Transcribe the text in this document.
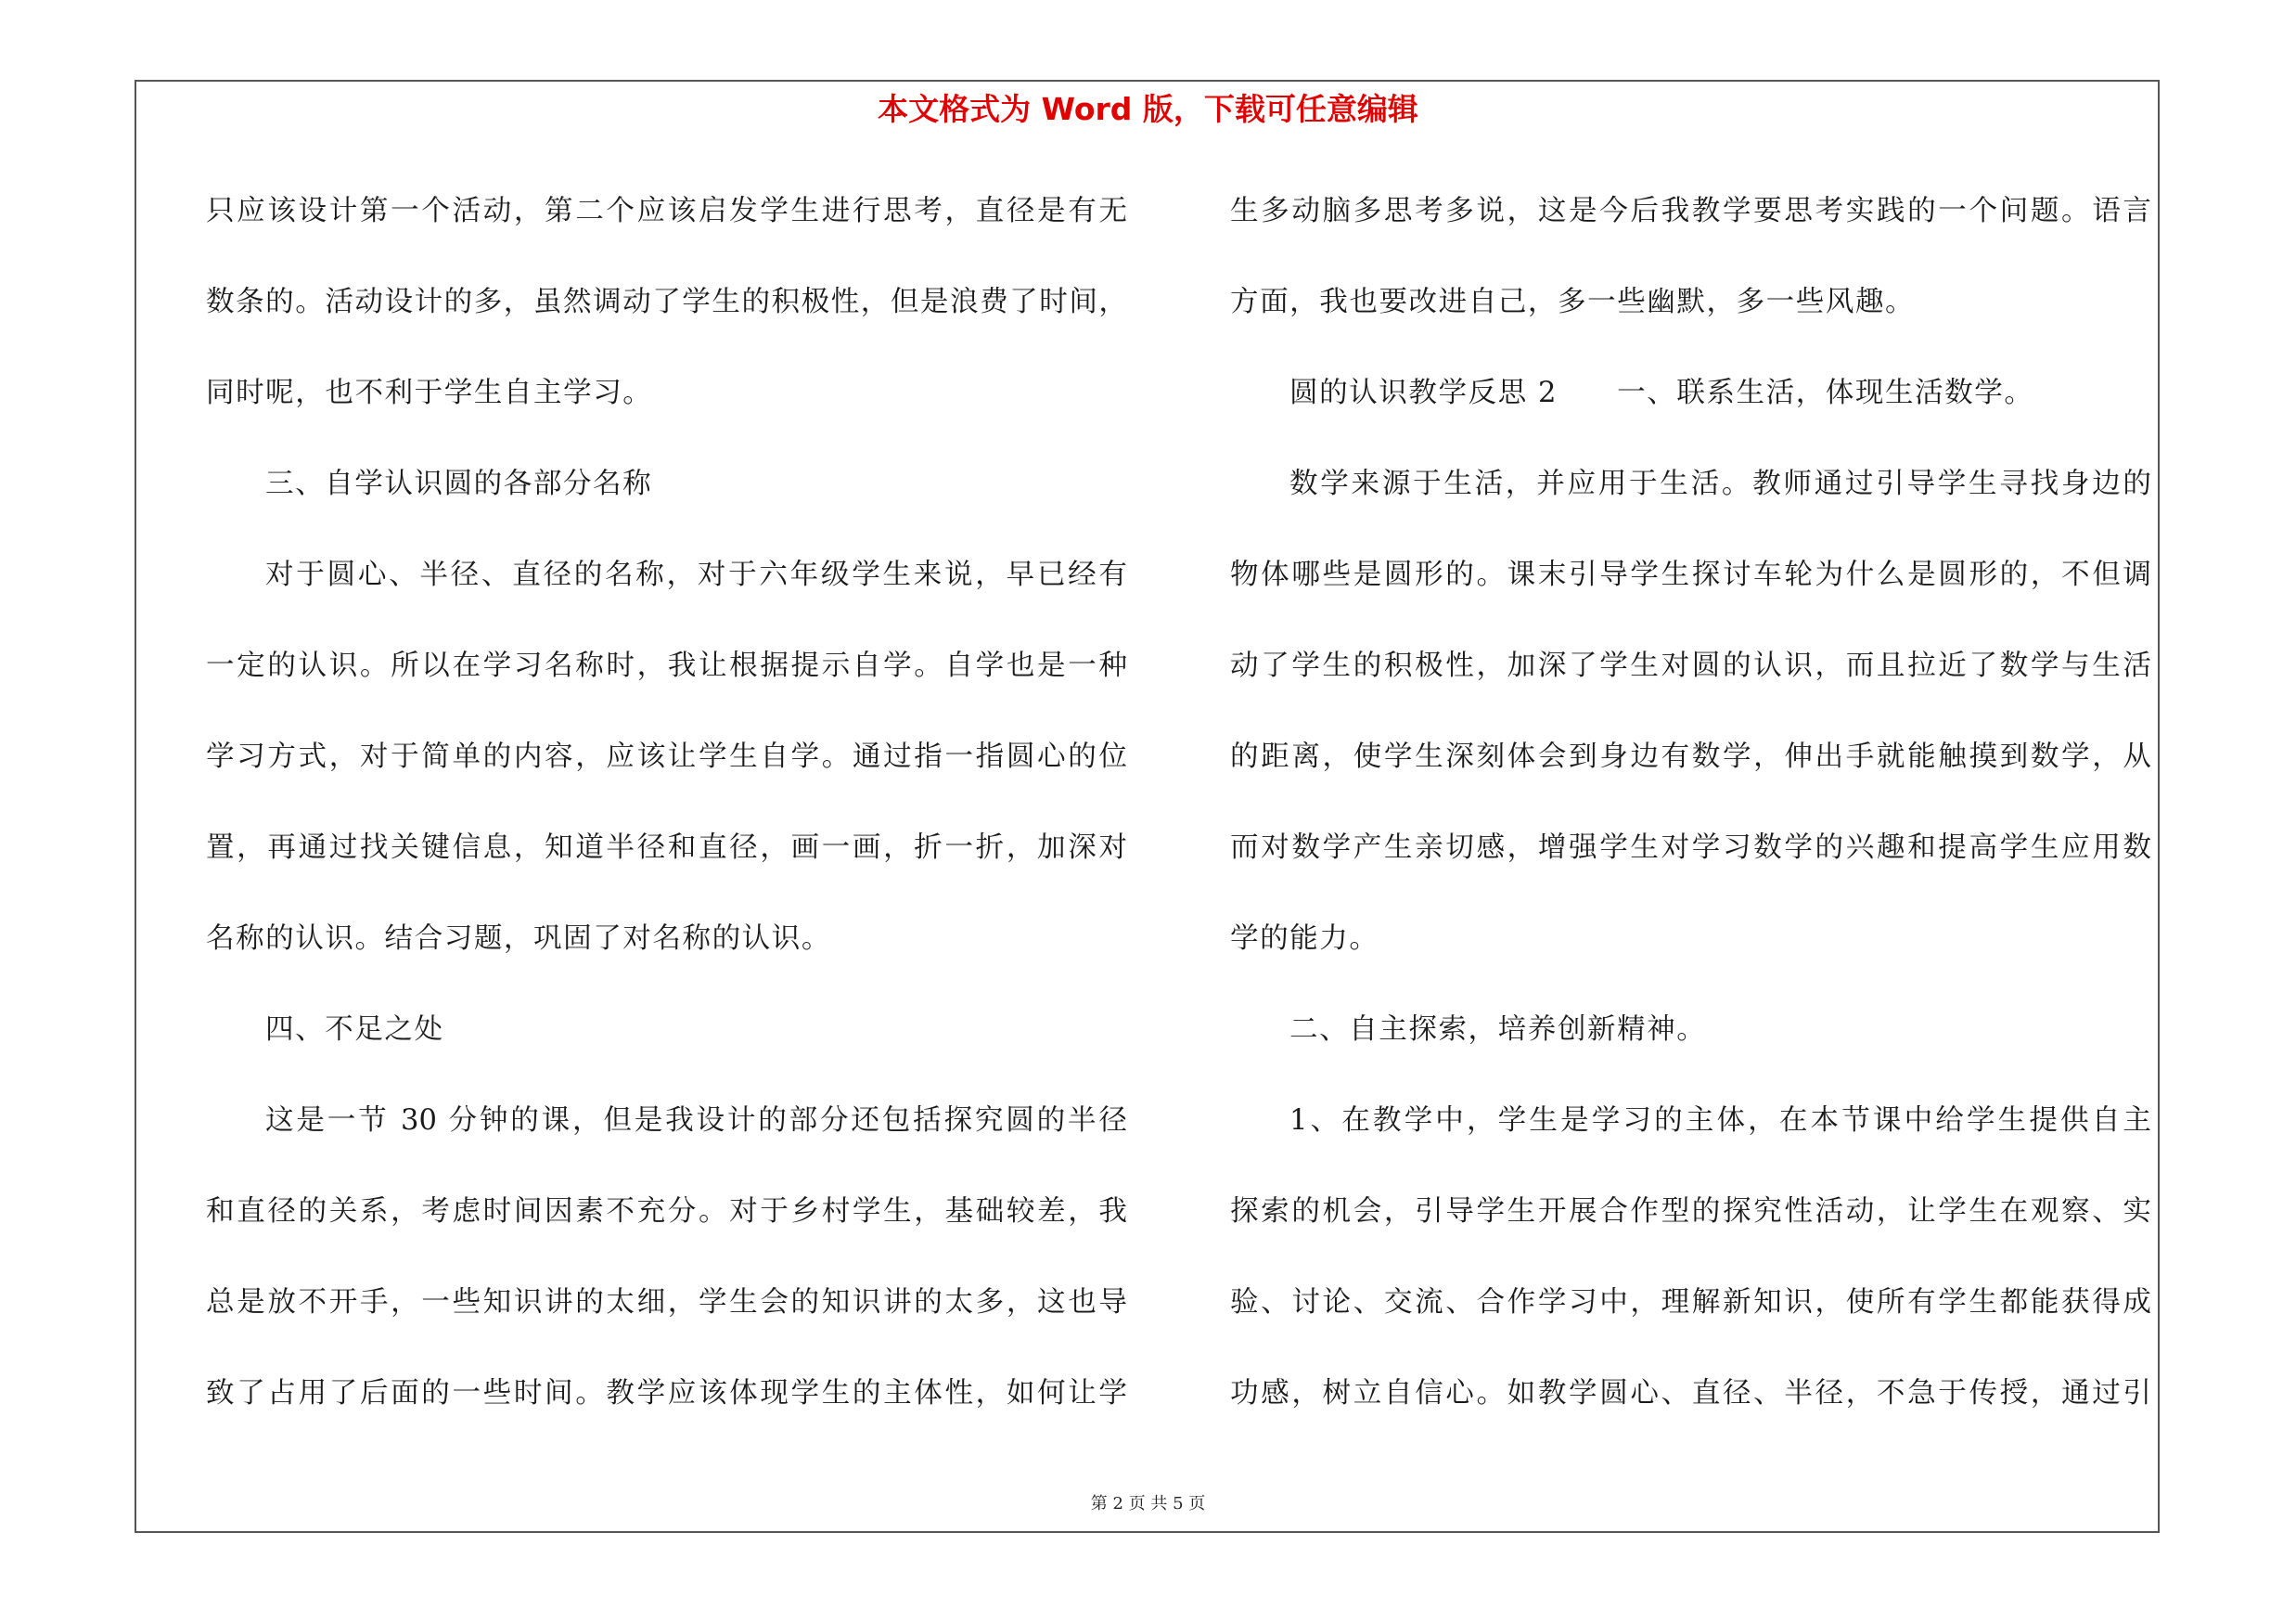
本文格式为 Word 版，下载可任意编辑
只应该设计第一个活动，第二个应该启发学生进行思考，直径是有无
数条的。活动设计的多，虽然调动了学生的积极性，但是浪费了时间，
同时呢，也不利于学生自主学习。
三、自学认识圆的各部分名称
对于圆心、半径、直径的名称，对于六年级学生来说，早已经有
一定的认识。所以在学习名称时，我让根据提示自学。自学也是一种
学习方式，对于简单的内容，应该让学生自学。通过指一指圆心的位
置，再通过找关键信息，知道半径和直径，画一画，折一折，加深对
名称的认识。结合习题，巩固了对名称的认识。
四、不足之处
这是一节 30 分钟的课，但是我设计的部分还包括探究圆的半径
和直径的关系，考虑时间因素不充分。对于乡村学生，基础较差，我
总是放不开手，一些知识讲的太细，学生会的知识讲的太多，这也导
致了占用了后面的一些时间。教学应该体现学生的主体性，如何让学
生多动脑多思考多说，这是今后我教学要思考实践的一个问题。语言
方面，我也要改进自己，多一些幽默，多一些风趣。
圆的认识教学反思 2　　一、联系生活，体现生活数学。
数学来源于生活，并应用于生活。教师通过引导学生寻找身边的
物体哪些是圆形的。课末引导学生探讨车轮为什么是圆形的，不但调
动了学生的积极性，加深了学生对圆的认识，而且拉近了数学与生活
的距离，使学生深刻体会到身边有数学，伸出手就能触摸到数学，从
而对数学产生亲切感，增强学生对学习数学的兴趣和提高学生应用数
学的能力。
二、自主探索，培养创新精神。
1、在教学中，学生是学习的主体，在本节课中给学生提供自主
探索的机会，引导学生开展合作型的探究性活动，让学生在观察、实
验、讨论、交流、合作学习中，理解新知识，使所有学生都能获得成
功感，树立自信心。如教学圆心、直径、半径，不急于传授，通过引
第 2 页 共 5 页
